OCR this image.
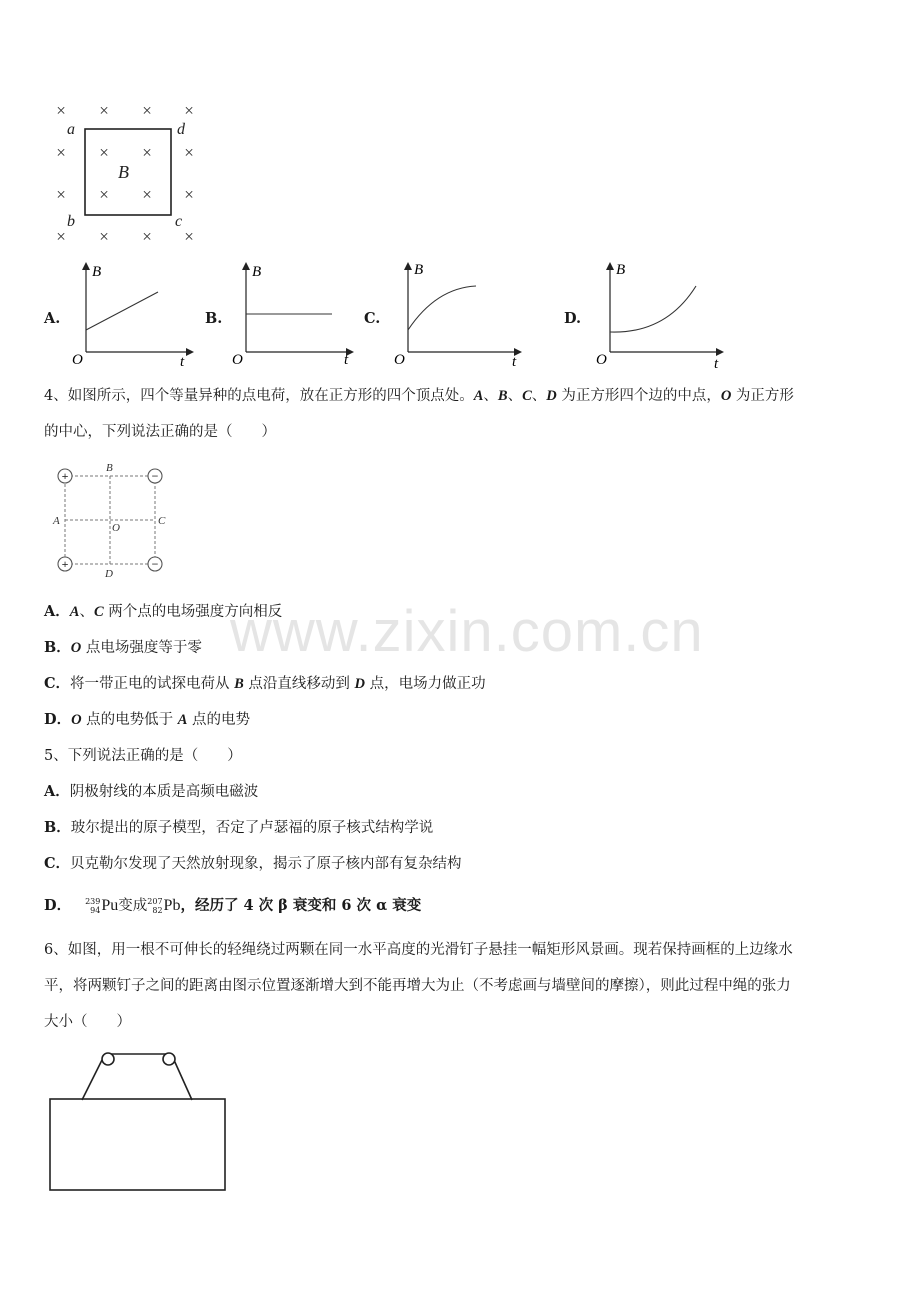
× × × ×
× × × ×
× × × ×
× × × ×
a	d
b	c
B
A.	B.	C.	D.
B
t
O
B
t
O
B
t
O
B
t
O
4、如图所示，四个等量异种的点电荷，放在正方形的四个顶点处。A、B、C、D 为正方形四个边的中点，O 为正方形
的中心，下列说法正确的是（　　）
+	−
+	−
B
A	C
O
D
www.zixin.com.cn
A．A、C 两个点的电场强度方向相反
B．O 点电场强度等于零
C．将一带正电的试探电荷从 B 点沿直线移动到 D 点，电场力做正功
D．O 点的电势低于 A 点的电势
5、下列说法正确的是（　　）
A．阴极射线的本质是高频电磁波
B．玻尔提出的原子模型，否定了卢瑟福的原子核式结构学说
C．贝克勒尔发现了天然放射现象，揭示了原子核内部有复杂结构
D． 239
94 Pu 变成 207
82 Pb ，经历了 4 次 β 衰变和 6 次 α 衰变
6、如图，用一根不可伸长的轻绳绕过两颗在同一水平高度的光滑钉子悬挂一幅矩形风景画。现若保持画框的上边缘水
平，将两颗钉子之间的距离由图示位置逐渐增大到不能再增大为止（不考虑画与墙壁间的摩擦），则此过程中绳的张力
大小（　　）
